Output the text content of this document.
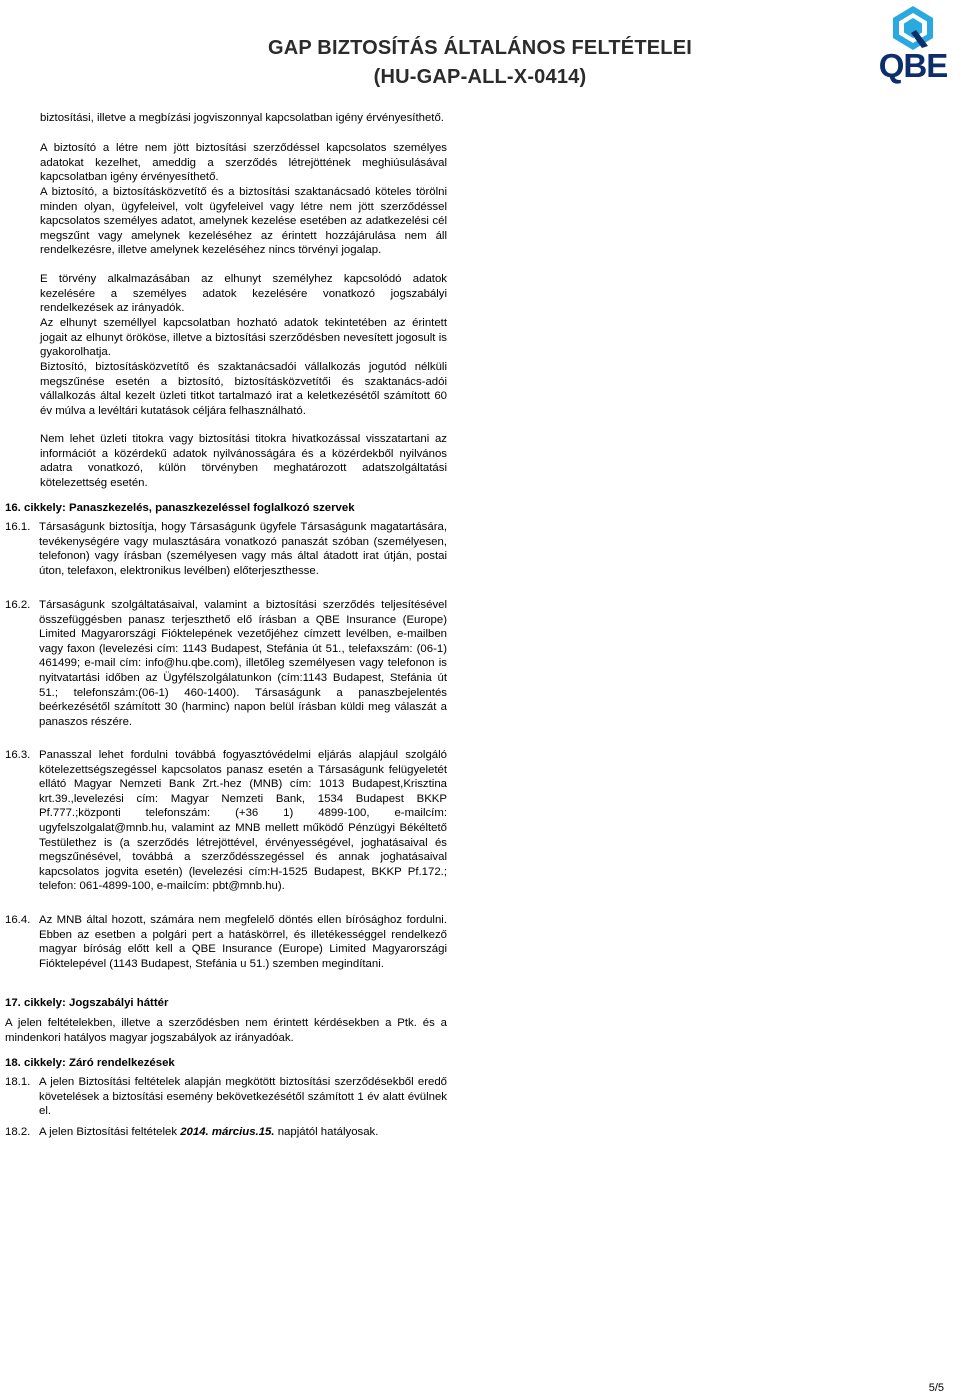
GAP BIZTOSÍTÁS ÁLTALÁNOS FELTÉTELEI
(HU-GAP-ALL-X-0414)	QBE

biztosítási, illetve a megbízási jogviszonnyal kapcsolatban igény érvényesíthető.

A biztosító a létre nem jött biztosítási szerződéssel kapcsolatos személyes adatokat kezelhet, ameddig a szerződés létrejöttének meghiúsulásával kapcsolatban igény érvényesíthető.

A biztosító, a biztosításközvetítő és a biztosítási szaktanácsadó köteles törölni minden olyan, ügyfeleivel, volt ügyfeleivel vagy létre nem jött szerződéssel kapcsolatos személyes adatot, amelynek kezelése esetében az adatkezelési cél megszűnt vagy amelynek kezeléséhez az érintett hozzájárulása nem áll rendelkezésre, illetve amelynek kezeléséhez nincs törvényi jogalap.

E törvény alkalmazásában az elhunyt személyhez kapcsolódó adatok kezelésére a személyes adatok kezelésére vonatkozó jogszabályi rendelkezések az irányadók.

Az elhunyt személlyel kapcsolatban hozható adatok tekintetében az érintett jogait az elhunyt örököse, illetve a biztosítási szerződésben nevesített jogosult is gyakorolhatja.

Biztosító, biztosításközvetítő és szaktanácsadói vállalkozás jogutód nélküli megszűnése esetén a biztosító, biztosításközvetítői és szaktanács-adói vállalkozás által kezelt üzleti titkot tartalmazó irat a keletkezésétől számított 60 év múlva a levéltári kutatások céljára felhasználható.

Nem lehet üzleti titokra vagy biztosítási titokra hivatkozással visszatartani az információt a közérdekű adatok nyilvánosságára és a közérdekből nyilvános adatra vonatkozó, külön törvényben meghatározott adatszolgáltatási kötelezettség esetén.

16. cikkely: Panaszkezelés, panaszkezeléssel foglalkozó szervek
16.1. Társaságunk biztosítja, hogy Társaságunk ügyfele Társaságunk magatartására, tevékenységére vagy mulasztására vonatkozó panaszát szóban (személyesen, telefonon) vagy írásban (személyesen vagy más által átadott irat útján, postai úton, telefaxon, elektronikus levélben) előterjeszthesse.
16.2. Társaságunk szolgáltatásaival, valamint a biztosítási szerződés teljesítésével összefüggésben panasz terjeszthető elő írásban a QBE Insurance (Europe) Limited Magyarországi Fióktelepének vezetőjéhez címzett levélben, e-mailben vagy faxon (levelezési cím: 1143 Budapest, Stefánia út 51., telefaxszám: (06-1) 461499; e-mail cím: info@hu.qbe.com), illetőleg személyesen vagy telefonon is nyitvatartási időben az Ügyfélszolgálatunkon (cím:1143 Budapest, Stefánia út 51.; telefonszám:(06-1) 460-1400). Társaságunk a panaszbejelentés beérkezésétől számított 30 (harminc) napon belül írásban küldi meg válaszát a panaszos részére.
16.3. Panasszal lehet fordulni továbbá fogyasztóvédelmi eljárás alapjául szolgáló kötelezettségszegéssel kapcsolatos panasz esetén a Társaságunk felügyeletét ellátó Magyar Nemzeti Bank Zrt.-hez (MNB) cím: 1013 Budapest,Krisztina krt.39.,levelezési cím: Magyar Nemzeti Bank, 1534 Budapest BKKP Pf.777.;központi telefonszám: (+36 1) 4899-100, e-mailcím: ugyfelszolgalat@mnb.hu, valamint az MNB mellett működő Pénzügyi Békéltető Testülethez is (a szerződés létrejöttével, érvényességével, joghatásaival és megszűnésével, továbbá a szerződésszegéssel és annak joghatásaival kapcsolatos jogvita esetén) (levelezési cím:H-1525 Budapest, BKKP Pf.172.; telefon: 061-4899-100, e-mailcím: pbt@mnb.hu).
16.4. Az MNB által hozott, számára nem megfelelő döntés ellen bírósághoz fordulni. Ebben az esetben a polgári pert a hatáskörrel, és illetékességgel rendelkező magyar bíróság előtt kell a QBE Insurance (Europe) Limited Magyarországi Fióktelepével (1143 Budapest, Stefánia u 51.) szemben megindítani.
17. cikkely: Jogszabályi háttér

A jelen feltételekben, illetve a szerződésben nem érintett kérdésekben a Ptk. és a mindenkori hatályos magyar jogszabályok az irányadóak.

18. cikkely: Záró rendelkezések
18.1. A jelen Biztosítási feltételek alapján megkötött biztosítási szerződésekből eredő követelések a biztosítási esemény bekövetkezésétől számított 1 év alatt évülnek el.
18.2. A jelen Biztosítási feltételek 2014. március.15. napjától hatályosak.
5/5
